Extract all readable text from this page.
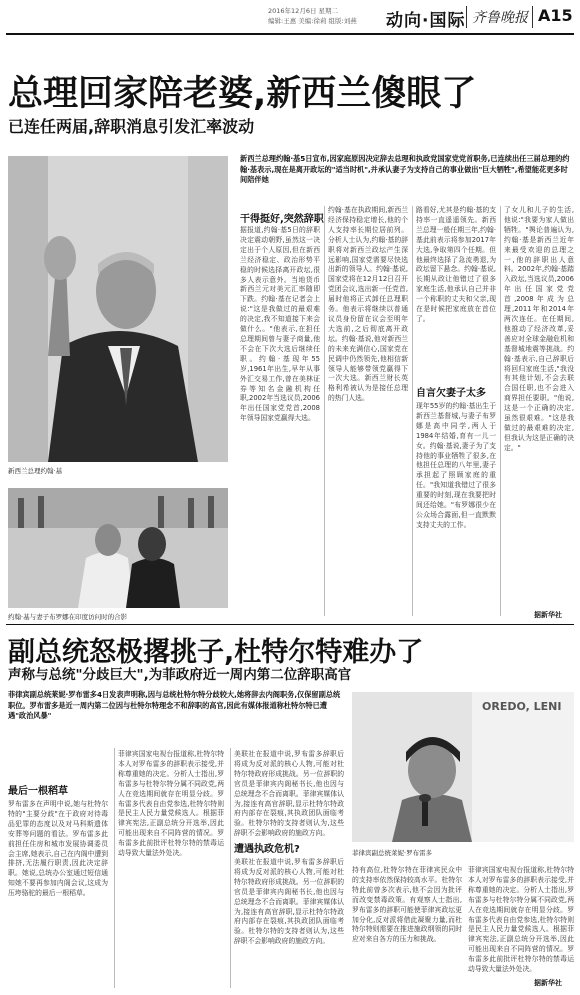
2016年12月6日 星期二
编辑:王惠 美编:徐莉 组版:刘燕 动向·国际 齐鲁晚报 A15
总理回家陪老婆,新西兰傻眼了
已连任两届,辞职消息引发汇率波动
新西兰总理约翰·基
约翰·基与妻子布罗娜在印度访问时的合影
新西兰总理约翰·基5日宣布,因家庭原因决定辞去总理和执政党国家党党首职务,已连续出任三届总理的约翰·基表示,现在是离开政坛的"适当时机",并承认妻子为支持自己的事业做出"巨大牺牲",希望能花更多时间陪伴她
干得挺好,突然辞职
据报道,约翰·基5日的辞职决定震动朝野,虽然这一决定出于个人原因,但在新西兰经济稳定、政治形势平稳的时候选择离开政坛,很多人表示意外。当地货币新西兰元对美元汇率随即下跌。约翰·基在记者会上说:"这是我做过的最艰难的决定,我不知道接下来会做什么。"他表示,在担任总理期间曾与妻子商量,他不会在下次大选后继续任职。约翰·基现年55岁,1961年出生,早年从事外汇交易工作,曾在美林证券等知名金融机构任职,2002年当选议员,2006年出任国家党党首,2008年领导国家党赢得大选。
约翰·基在执政期间,新西兰经济保持稳定增长,他的个人支持率长期位居前列。分析人士认为,约翰·基的辞职将对新西兰政坛产生深远影响,国家党需要尽快选出新的领导人。约翰·基说,国家党将在12月12日召开党团会议,选出新一任党首,届时他将正式卸任总理职务。他表示将继续以普通议员身份留在议会至明年大选前,之后彻底离开政坛。约翰·基说,他对新西兰的未来充满信心,国家党在民调中仍然领先,他相信新领导人能够带领党赢得下一次大选。新西兰财长英格利希被认为是接任总理的热门人选。
路看好,尤其是约翰·基的支持率一直遥遥领先。新西兰总理一般任期三年,约翰·基此前表示将参加2017年大选,争取第四个任期。但他最终选择了急流勇退,为政坛留下悬念。约翰·基说,长期从政让他错过了很多家庭生活,他承认自己并非一个称职的丈夫和父亲,现在是时候把家庭放在首位了。
自言欠妻子太多
现年55岁的约翰·基出生于新西兰基督城,与妻子布罗娜是高中同学,两人于1984年结婚,育有一儿一女。约翰·基说,妻子为了支持他的事业牺牲了很多,在他担任总理的八年里,妻子承担起了照顾家庭的重任。"我知道我错过了很多重要的时刻,现在我要把时间还给她。"布罗娜很少在公众场合露面,但一直默默支持丈夫的工作。
了女儿和儿子的生活,他说:"我要为家人做出牺牲。"舆论普遍认为,约翰·基是新西兰近年来最受欢迎的总理之一,他的辞职出人意料。2002年,约翰·基踏入政坛,当选议员,2006年出任国家党党首,2008年成为总理,2011年和2014年两次连任。在任期间,他推动了经济改革,妥善应对全球金融危机和基督城地震等挑战。约翰·基表示,自己辞职后将回归家庭生活,"我没有其他计划,不会去联合国任职,也不会进入商界担任要职。"他说,这是一个正确的决定,虽然很艰难。"这是我做过的最艰难的决定,但我认为这是正确的决定。"
据新华社
副总统怒极撂挑子,杜特尔特难办了
声称与总统"分歧巨大",为菲政府近一周内第二位辞职高官
菲律宾副总统莱妮·罗布雷多4日发表声明称,因与总统杜特尔特分歧较大,她将辞去内阁职务,仅保留副总统职位。罗布雷多是近一周内第二位因与杜特尔特理念不和辞职的高官,因此有媒体报道称杜特尔特已遭遇"政治风暴"
OREDO, LENI
菲律宾副总统莱妮·罗布雷多
最后一根稻草
罗布雷多在声明中说,她与杜特尔特的"主要分歧"在于政府对待毒品犯罪的态度以及对马科斯遗体安葬等问题的看法。罗布雷多此前担任住房和城市发展协调委员会主席,她表示,自己在内阁中遭到排挤,无法履行职责,因此决定辞职。她说,总统办公室通过短信通知她不要再参加内阁会议,这成为压垮骆驼的最后一根稻草。
菲律宾国家电视台报道称,杜特尔特本人对罗布雷多的辞职表示接受,并称尊重她的决定。分析人士指出,罗布雷多与杜特尔特分属不同政党,两人在竞选期间就存在明显分歧。罗布雷多代表自由党参选,杜特尔特则是民主人民力量党候选人。根据菲律宾宪法,正副总统分开选举,因此可能出现来自不同阵营的情况。罗布雷多此前批评杜特尔特的禁毒运动导致大量法外处决。
美联社在报道中说,罗布雷多辞职后将成为反对派的核心人物,可能对杜特尔特政府形成挑战。另一位辞职的官员是菲律宾内阁秘书长,他也因与总统理念不合而离职。菲律宾媒体认为,接连有高官辞职,显示杜特尔特政府内部存在裂痕,其执政团队面临考验。杜特尔特的支持者则认为,这些辞职不会影响政府的施政方向。
遭遇执政危机?
美联社在报道中说,罗布雷多辞职后将成为反对派的核心人物,可能对杜特尔特政府形成挑战。另一位辞职的官员是菲律宾内阁秘书长,他也因与总统理念不合而离职。菲律宾媒体认为,接连有高官辞职,显示杜特尔特政府内部存在裂痕,其执政团队面临考验。杜特尔特的支持者则认为,这些辞职不会影响政府的施政方向。
持有高位,杜特尔特在菲律宾民众中的支持率依然保持较高水平。杜特尔特此前曾多次表示,他不会因为批评而改变禁毒政策。有观察人士指出,罗布雷多的辞职可能使菲律宾政坛更加分化,反对派将借此凝聚力量,而杜特尔特则需要在推进施政纲领的同时应对来自各方的压力和挑战。
菲律宾国家电视台报道称,杜特尔特本人对罗布雷多的辞职表示接受,并称尊重她的决定。分析人士指出,罗布雷多与杜特尔特分属不同政党,两人在竞选期间就存在明显分歧。罗布雷多代表自由党参选,杜特尔特则是民主人民力量党候选人。根据菲律宾宪法,正副总统分开选举,因此可能出现来自不同阵营的情况。罗布雷多此前批评杜特尔特的禁毒运动导致大量法外处决。
据新华社
